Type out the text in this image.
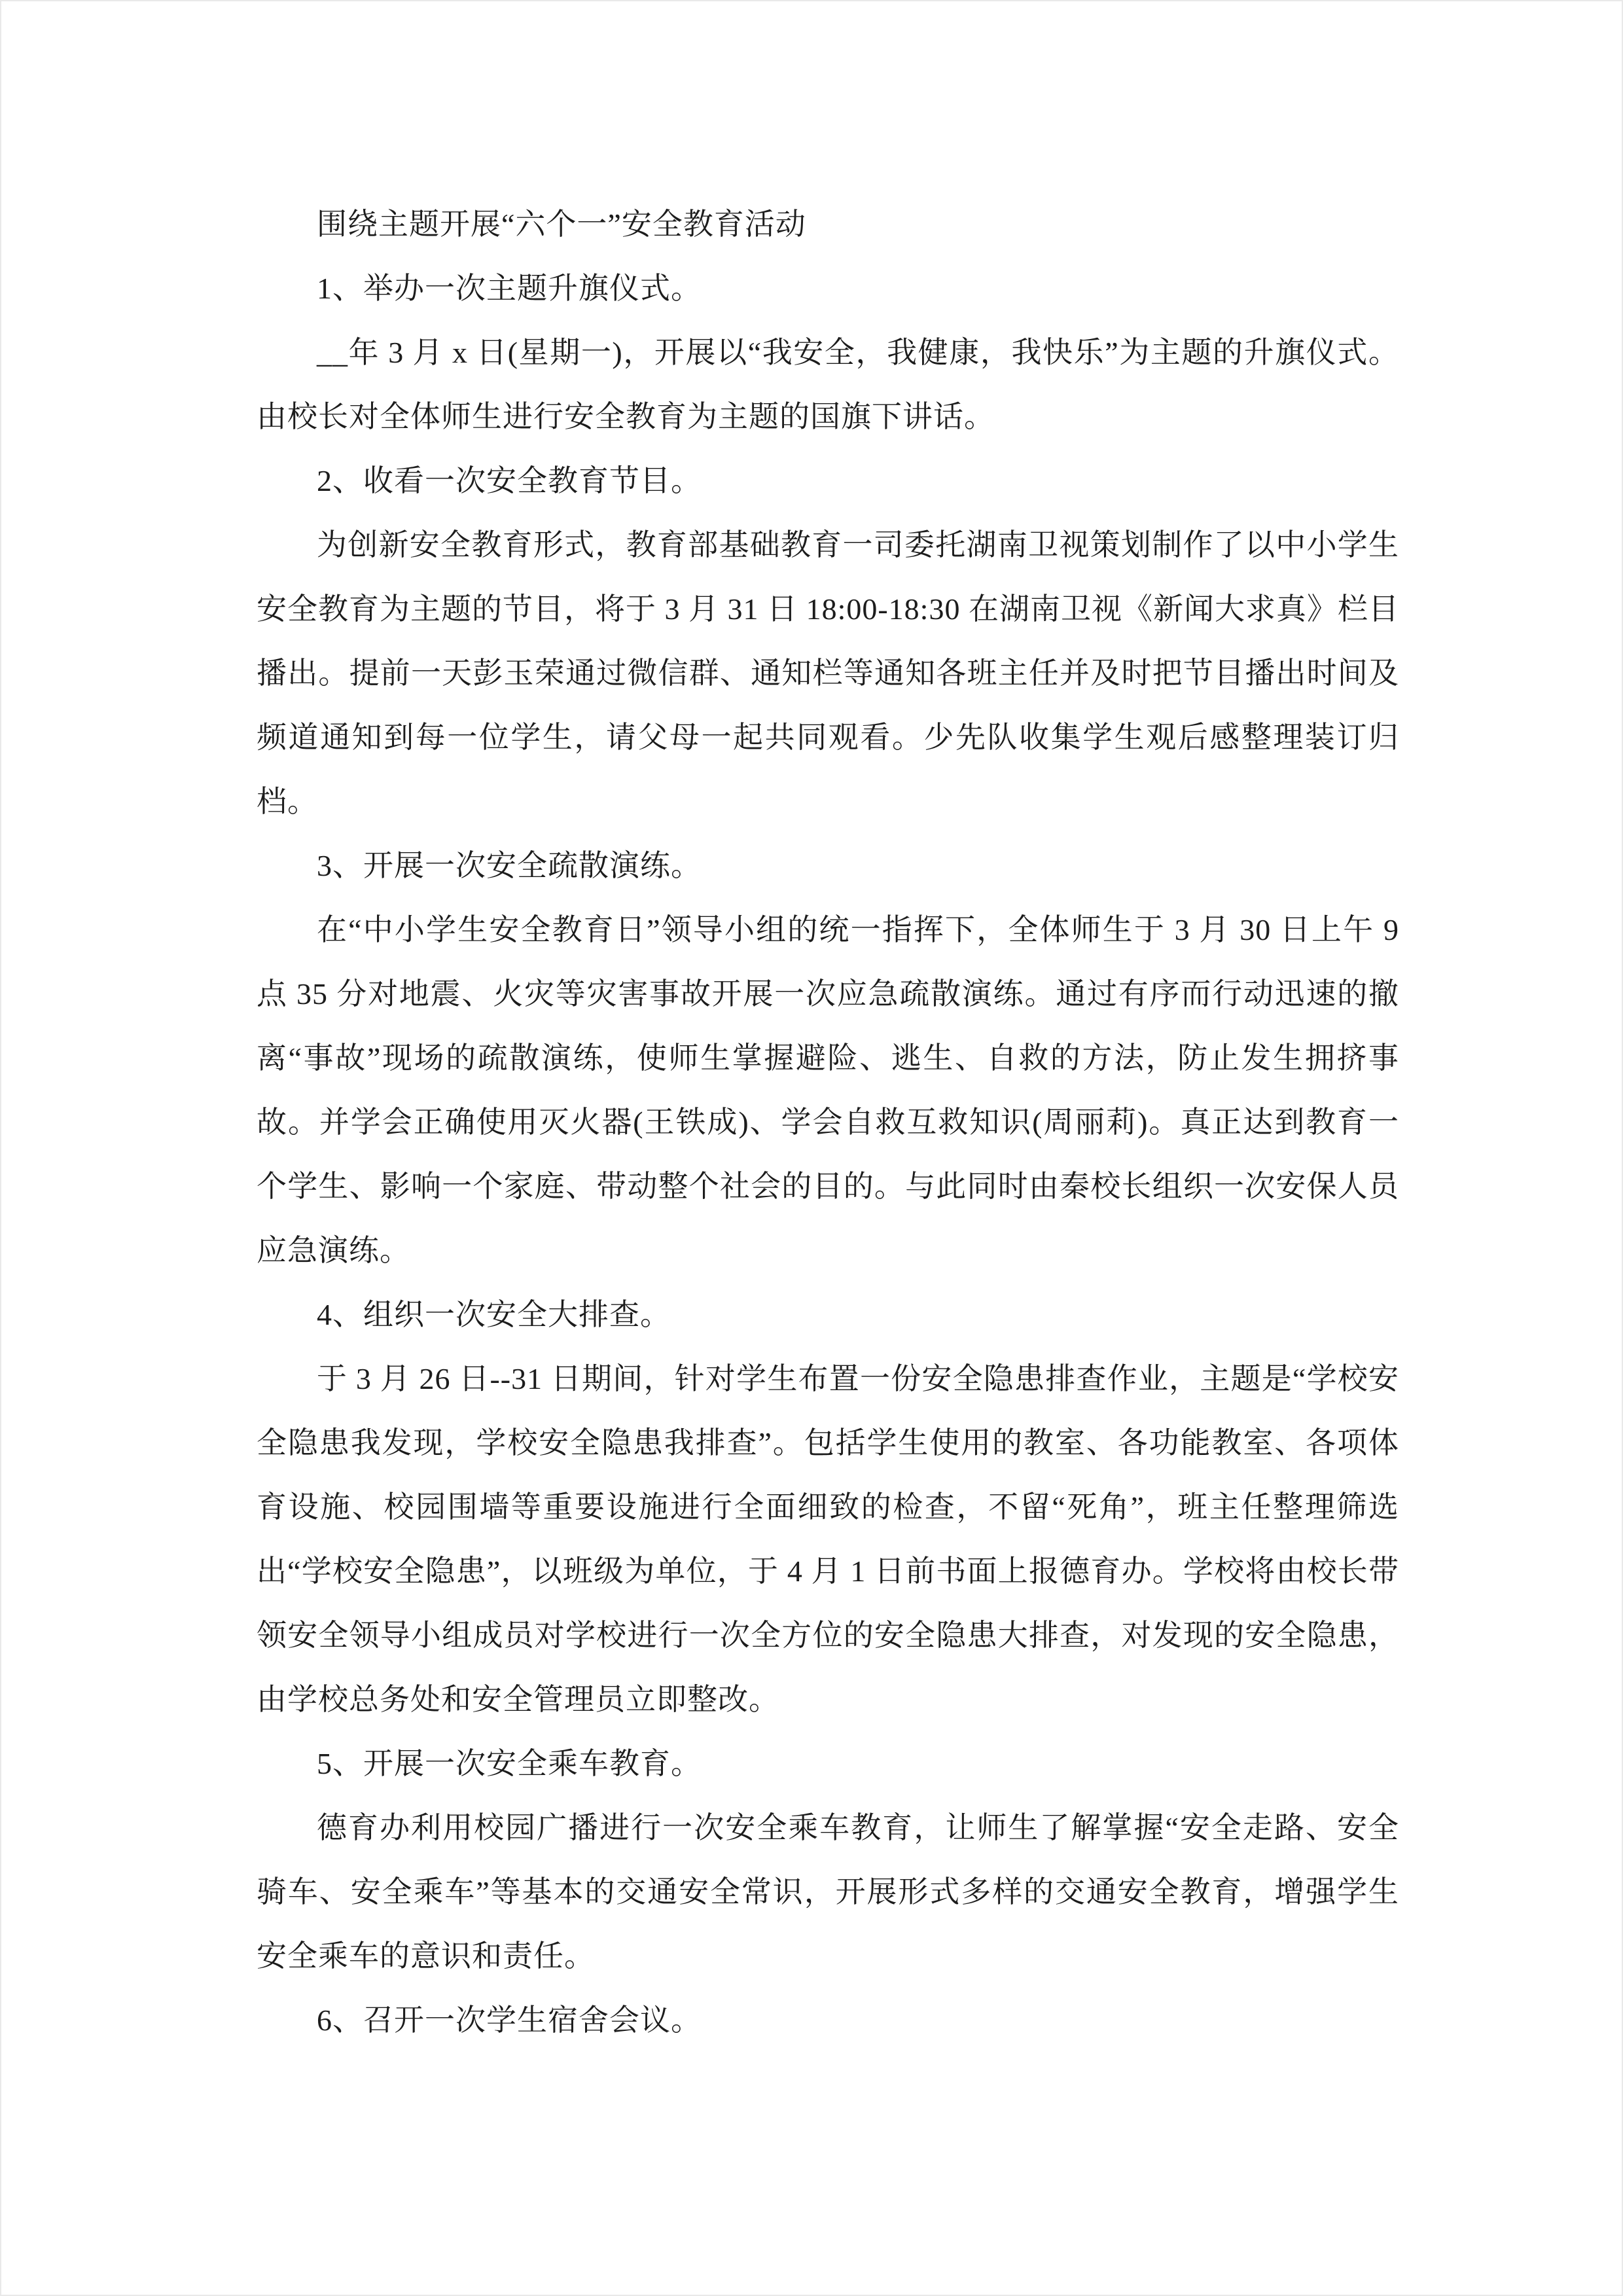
围绕主题开展“六个一”安全教育活动

1、举办一次主题升旗仪式。

__年 3 月 x 日(星期一)，开展以“我安全，我健康，我快乐”为主题的升旗仪式。由校长对全体师生进行安全教育为主题的国旗下讲话。

2、收看一次安全教育节目。

为创新安全教育形式，教育部基础教育一司委托湖南卫视策划制作了以中小学生安全教育为主题的节目，将于 3 月 31 日 18:00-18:30 在湖南卫视《新闻大求真》栏目播出。提前一天彭玉荣通过微信群、通知栏等通知各班主任并及时把节目播出时间及频道通知到每一位学生，请父母一起共同观看。少先队收集学生观后感整理装订归档。

3、开展一次安全疏散演练。

在“中小学生安全教育日”领导小组的统一指挥下，全体师生于 3 月 30 日上午 9 点 35 分对地震、火灾等灾害事故开展一次应急疏散演练。通过有序而行动迅速的撤离“事故”现场的疏散演练，使师生掌握避险、逃生、自救的方法，防止发生拥挤事故。并学会正确使用灭火器(王铁成)、学会自救互救知识(周丽莉)。真正达到教育一个学生、影响一个家庭、带动整个社会的目的。与此同时由秦校长组织一次安保人员应急演练。

4、组织一次安全大排查。

于 3 月 26 日--31 日期间，针对学生布置一份安全隐患排查作业，主题是“学校安全隐患我发现，学校安全隐患我排查”。包括学生使用的教室、各功能教室、各项体育设施、校园围墙等重要设施进行全面细致的检查，不留“死角”，班主任整理筛选出“学校安全隐患”，以班级为单位，于 4 月 1 日前书面上报德育办。学校将由校长带领安全领导小组成员对学校进行一次全方位的安全隐患大排查，对发现的安全隐患，由学校总务处和安全管理员立即整改。

5、开展一次安全乘车教育。

德育办利用校园广播进行一次安全乘车教育，让师生了解掌握“安全走路、安全骑车、安全乘车”等基本的交通安全常识，开展形式多样的交通安全教育，增强学生安全乘车的意识和责任。

6、召开一次学生宿舍会议。
